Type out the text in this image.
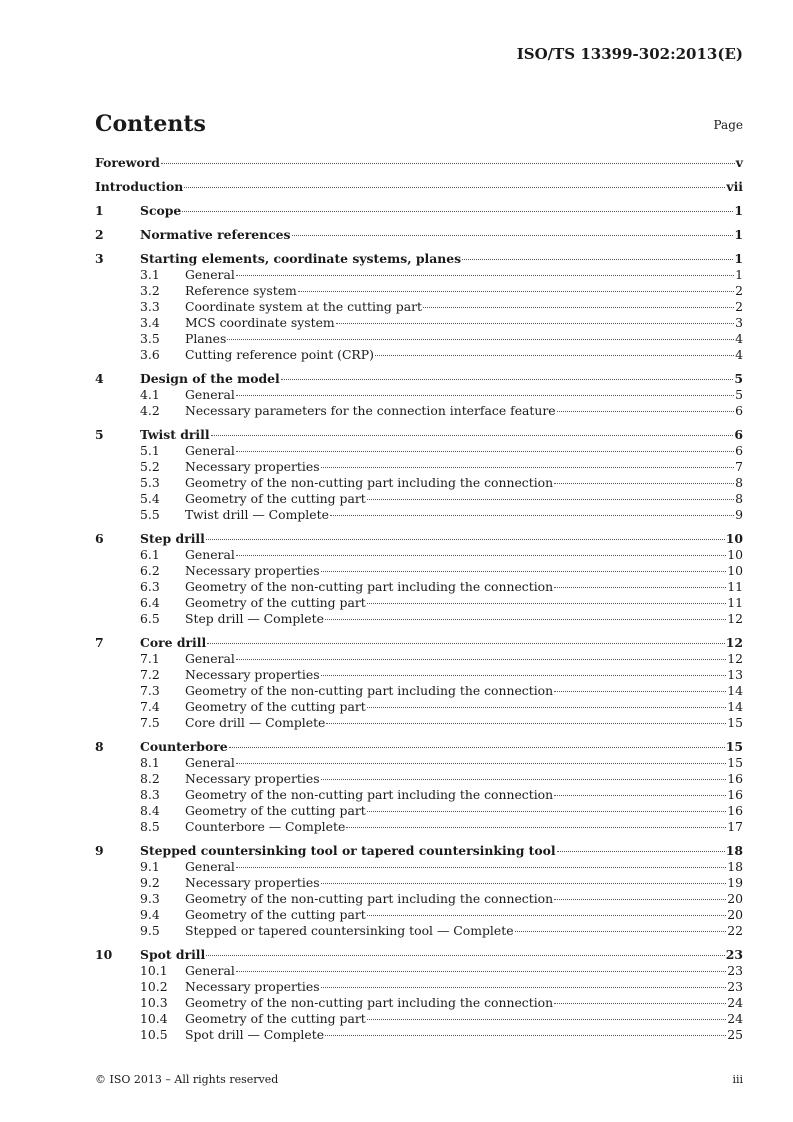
ISO/TS 13399-302:2013(E)
Contents	Page
Foreword	v
Introduction	vii
1	Scope	1
2	Normative references	1
3	Starting elements, coordinate systems, planes	1
3.1	General	1
3.2	Reference system	2
3.3	Coordinate system at the cutting part	2
3.4	MCS coordinate system	3
3.5	Planes	4
3.6	Cutting reference point (CRP)	4
4	Design of the model	5
4.1	General	5
4.2	Necessary parameters for the connection interface feature	6
5	Twist drill	6
5.1	General	6
5.2	Necessary properties	7
5.3	Geometry of the non-cutting part including the connection	8
5.4	Geometry of the cutting part	8
5.5	Twist drill — Complete	9
6	Step drill	10
6.1	General	10
6.2	Necessary properties	10
6.3	Geometry of the non-cutting part including the connection	11
6.4	Geometry of the cutting part	11
6.5	Step drill — Complete	12
7	Core drill	12
7.1	General	12
7.2	Necessary properties	13
7.3	Geometry of the non-cutting part including the connection	14
7.4	Geometry of the cutting part	14
7.5	Core drill — Complete	15
8	Counterbore	15
8.1	General	15
8.2	Necessary properties	16
8.3	Geometry of the non-cutting part including the connection	16
8.4	Geometry of the cutting part	16
8.5	Counterbore — Complete	17
9	Stepped countersinking tool or tapered countersinking tool	18
9.1	General	18
9.2	Necessary properties	19
9.3	Geometry of the non-cutting part including the connection	20
9.4	Geometry of the cutting part	20
9.5	Stepped or tapered countersinking tool — Complete	22
10	Spot drill	23
10.1	General	23
10.2	Necessary properties	23
10.3	Geometry of the non-cutting part including the connection	24
10.4	Geometry of the cutting part	24
10.5	Spot drill — Complete	25
© ISO 2013 – All rights reserved	iii
